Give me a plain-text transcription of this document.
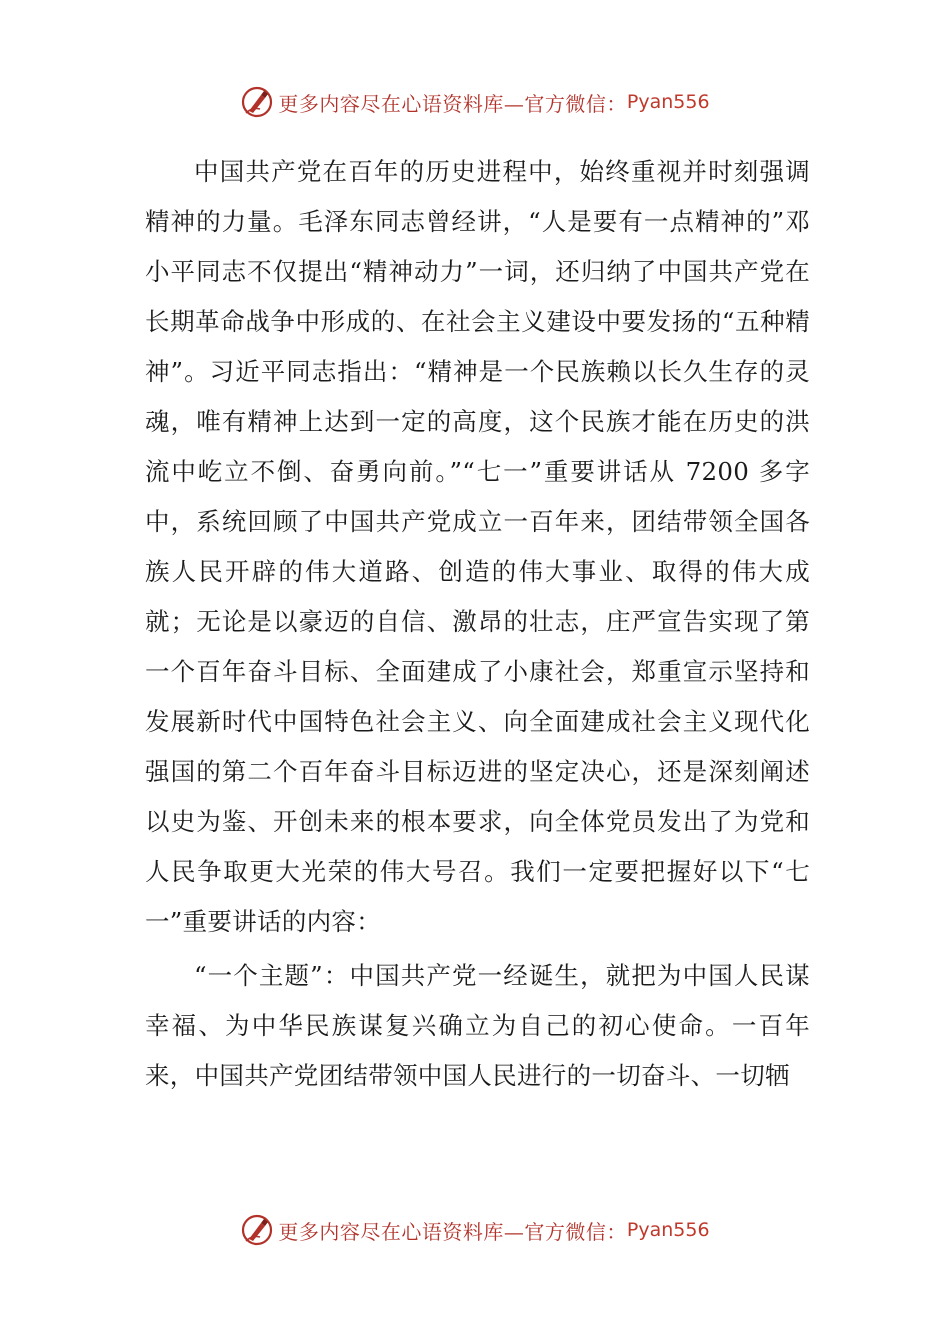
更多内容尽在心语资料库—官方微信： Pyan556

中国共产党在百年的历史进程中，始终重视并时刻强调精神的力量。毛泽东同志曾经讲，“人是要有一点精神的”邓小平同志不仅提出“精神动力”一词，还归纳了中国共产党在长期革命战争中形成的、在社会主义建设中要发扬的“五种精神”。习近平同志指出：“精神是一个民族赖以长久生存的灵魂，唯有精神上达到一定的高度，这个民族才能在历史的洪流中屹立不倒、奋勇向前。”“七一”重要讲话从 7200 多字中，系统回顾了中国共产党成立一百年来，团结带领全国各族人民开辟的伟大道路、创造的伟大事业、取得的伟大成就；无论是以豪迈的自信、激昂的壮志，庄严宣告实现了第一个百年奋斗目标、全面建成了小康社会，郑重宣示坚持和发展新时代中国特色社会主义、向全面建成社会主义现代化强国的第二个百年奋斗目标迈进的坚定决心，还是深刻阐述以史为鉴、开创未来的根本要求，向全体党员发出了为党和人民争取更大光荣的伟大号召。我们一定要把握好以下“七一”重要讲话的内容：

“一个主题”：中国共产党一经诞生，就把为中国人民谋幸福、为中华民族谋复兴确立为自己的初心使命。一百年来，中国共产党团结带领中国人民进行的一切奋斗、一切牺

更多内容尽在心语资料库—官方微信： Pyan556
